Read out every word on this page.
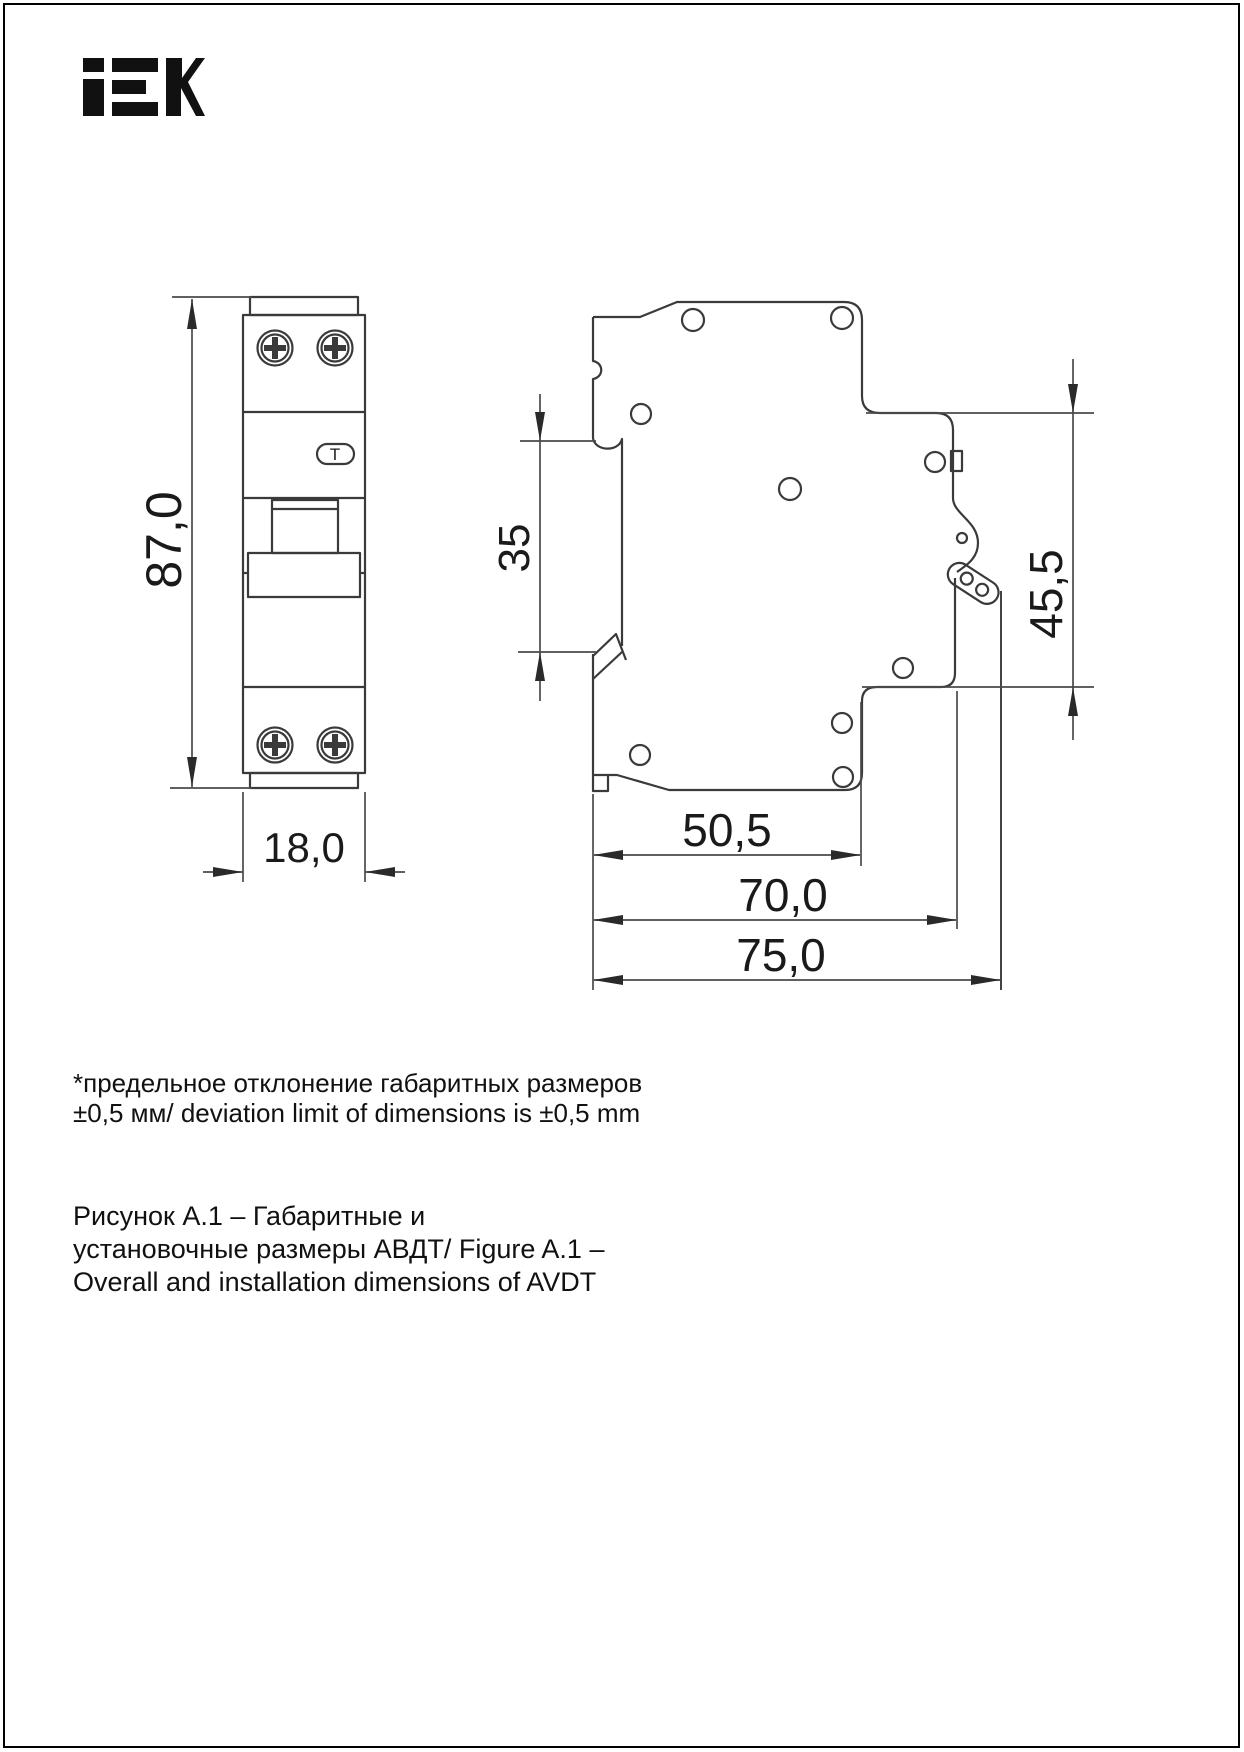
Т
87,0
18,0
35
45,5
50,5
70,0
75,0
*предельное отклонение габаритных размеров
±0,5 мм/ deviation limit of dimensions is ±0,5 mm
Рисунок А.1 – Габаритные и
установочные размеры АВДТ/ Figure A.1 –
Overall and installation dimensions of AVDT
